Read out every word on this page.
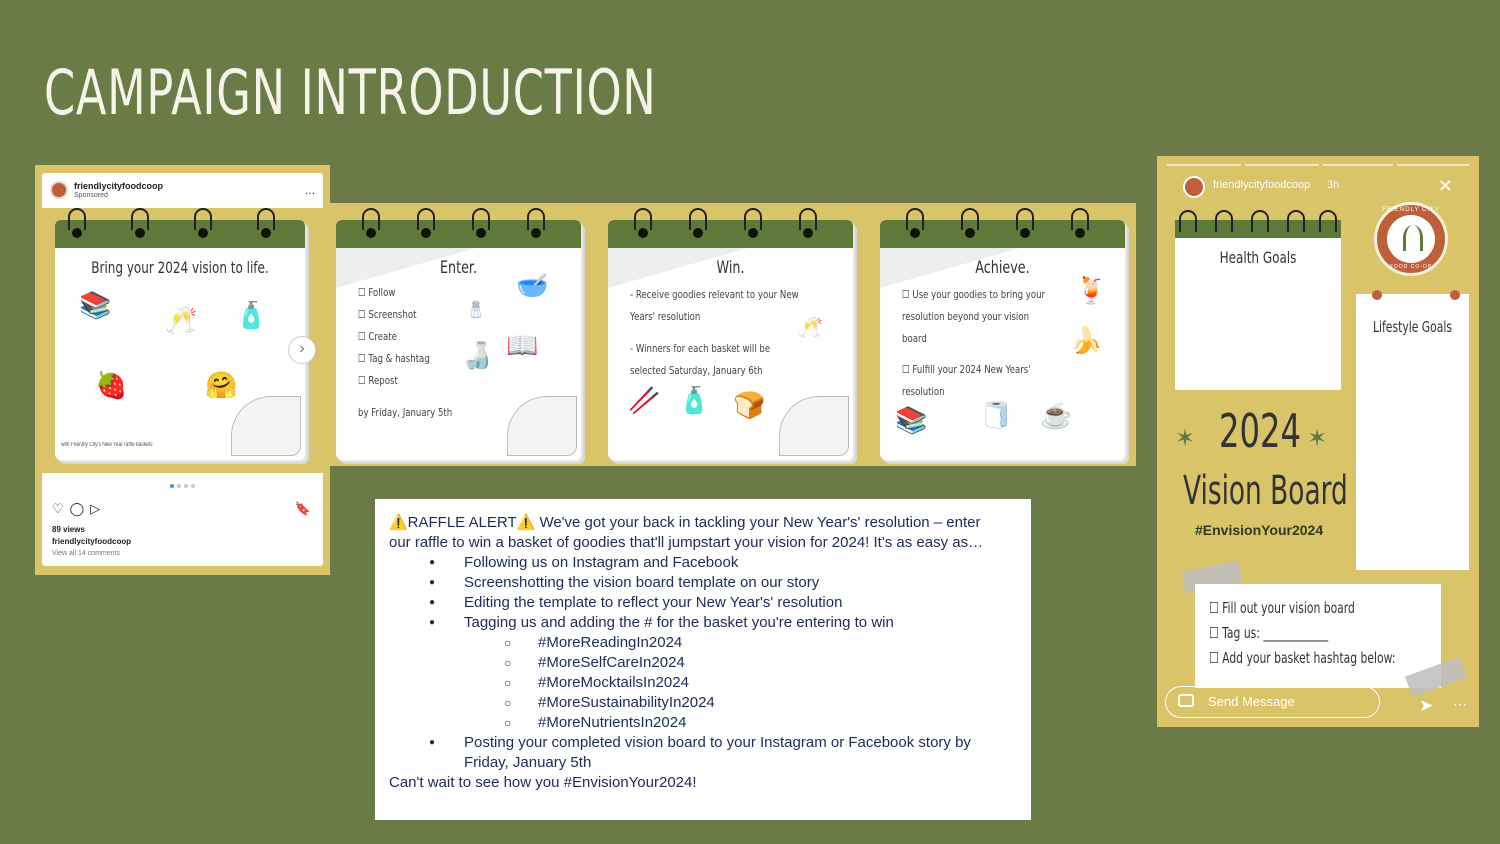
CAMPAIGN INTRODUCTION
friendlycityfoodcoop
Sponsored	...
Bring your 2024 vision to life.
📚 🥂 🧴
🍓	🤗
with Friendly City's New Year raffle baskets
♡ ◯ ▷	🔖
89 views
friendlycityfoodcoop
View all 14 comments
›
Enter.
☐ Follow
☐ Screenshot
☐ Create
☐ Tag & hashtag
☐ Repost
by Friday, January 5th
🥣
🧂
📖
🍶
Win.
- Receive goodies relevant to your New
Years' resolution
- Winners for each basket will be
selected Saturday, January 6th
🥢 🧴 🍞
🥂
Achieve.
☐ Use your goodies to bring your
resolution beyond your vision
board
☐ Fulfill your 2024 New Years'
resolution
🍹
🍌
📚 🧻 ☕
⚠️RAFFLE ALERT⚠️ We've got your back in tackling your New Year's' resolution – enter
our raffle to win a basket of goodies that'll jumpstart your vision for 2024! It's as easy as…
● Following us on Instagram and Facebook
● Screenshotting the vision board template on our story
● Editing the template to reflect your New Year's' resolution
● Tagging us and adding the # for the basket you're entering to win
○ #MoreReadingIn2024
○ #MoreSelfCareIn2024
○ #MoreMocktailsIn2024
○ #MoreSustainabilityIn2024
○ #MoreNutrientsIn2024
● Posting your completed vision board to your Instagram or Facebook story by
Friday, January 5th
Can't wait to see how you #EnvisionYour2024!
friendlycityfoodcoop 3h	✕
FRIENDLY CITY
FOOD CO-OP
Health Goals
Lifestyle Goals
✶ 2024 ✶
Vision Board
#EnvisionYour2024
☐ Fill out your vision board
☐ Tag us: ____________
☐ Add your basket hashtag below:
Send Message	➤ ⋯
